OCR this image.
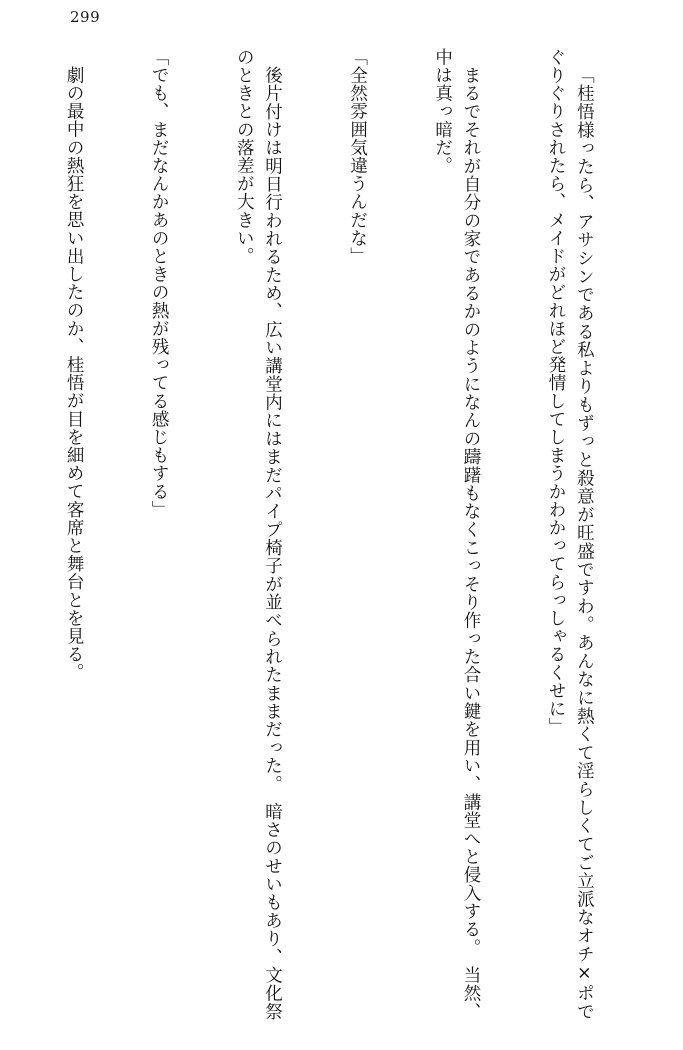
299

「桂悟様ったら、アサシンである私よりもずっと殺意が旺盛ですわ。あんなに熱くて淫らしくてご立派なオチ×ポでぐりぐりされたら、メイドがどれほど発情してしまうかわかってらっしゃるくせに」

まるでそれが自分の家であるかのようになんの躊躇もなくこっそり作った合い鍵を用い、講堂へと侵入する。　当然、中は真っ暗だ。

「全然雰囲気違うんだな」

後片付けは明日行われるため、広い講堂内にはまだパイプ椅子が並べられたままだった。　暗さのせいもあり、文化祭のときとの落差が大きい。

「でも、まだなんかあのときの熱が残ってる感じもする」

劇の最中の熱狂を思い出したのか、桂悟が目を細めて客席と舞台とを見る。
